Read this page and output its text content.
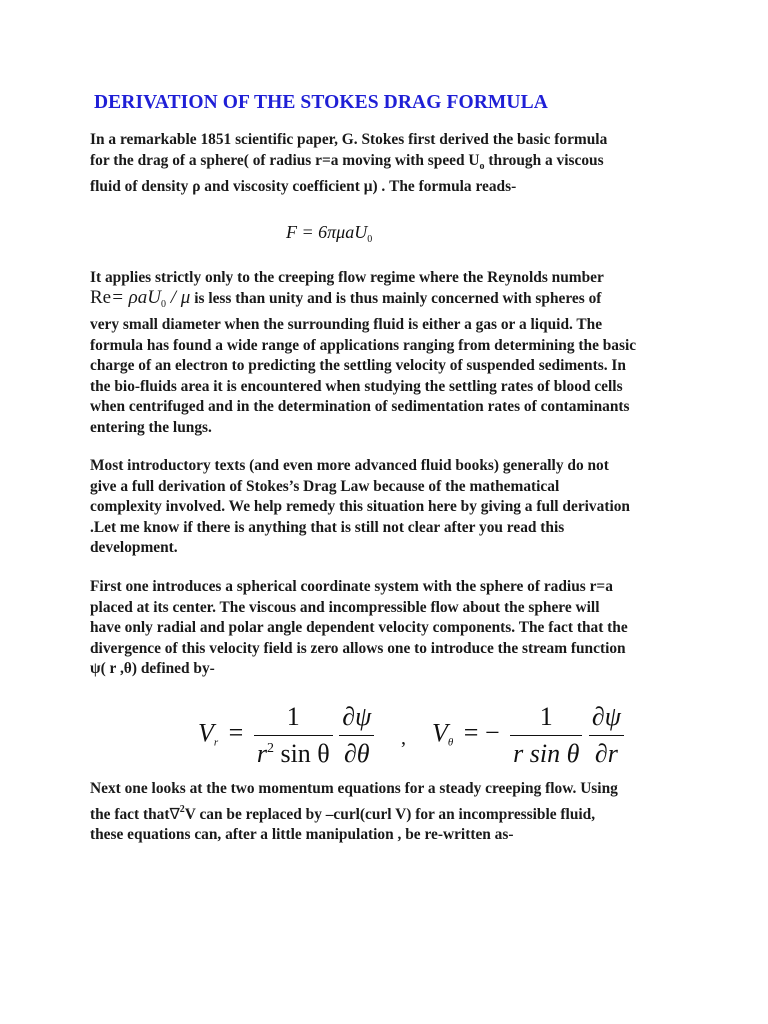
DERIVATION OF THE STOKES DRAG FORMULA
In a remarkable 1851 scientific paper, G. Stokes first derived the basic formula
for the drag of a sphere( of radius r=a moving with speed $U_o$ through a viscous
fluid of density ρ and viscosity coefficient μ) . The formula reads-
F = 6πμaU$_0$
It applies strictly only to the creeping flow regime where the Reynolds number
Re= ρaU$_0$ / μ is less than unity and is thus mainly concerned with spheres of
very small diameter when the surrounding fluid is either a gas or a liquid. The
formula has found a wide range of applications ranging from determining the basic
charge of an electron to predicting the settling velocity of suspended sediments. In
the bio-fluids area it is encountered when studying the settling rates of blood cells
when centrifuged and in the determination of sedimentation rates of contaminants
entering the lungs.
Most introductory texts (and even more advanced fluid books) generally do not
give a full derivation of Stokes’s Drag Law because of the mathematical
complexity involved. We help remedy this situation here by giving a full derivation
.Let me know if there is anything that is still not clear after you read this
development.
First one introduces a spherical coordinate system with the sphere of radius r=a
placed at its center. The viscous and incompressible flow about the sphere will
have only radial and polar angle dependent velocity components. The fact that the
divergence of this velocity field is zero allows one to introduce the stream function
ψ( r ,θ) defined by-
$Vr = \frac{1}{r^2 \sin \theta}$
$\frac{\partial\psi}{\partial\theta}$ , Vθ = − $\frac{1}{\text{r sin θ}}$
$\frac{\partial\psi}{\partial r}$
Next one looks at the two momentum equations for a steady creeping flow. Using
the fact that∇$^2$V can be replaced by –curl(curl V) for an incompressible fluid,
these equations can, after a little manipulation , be re-written as-
